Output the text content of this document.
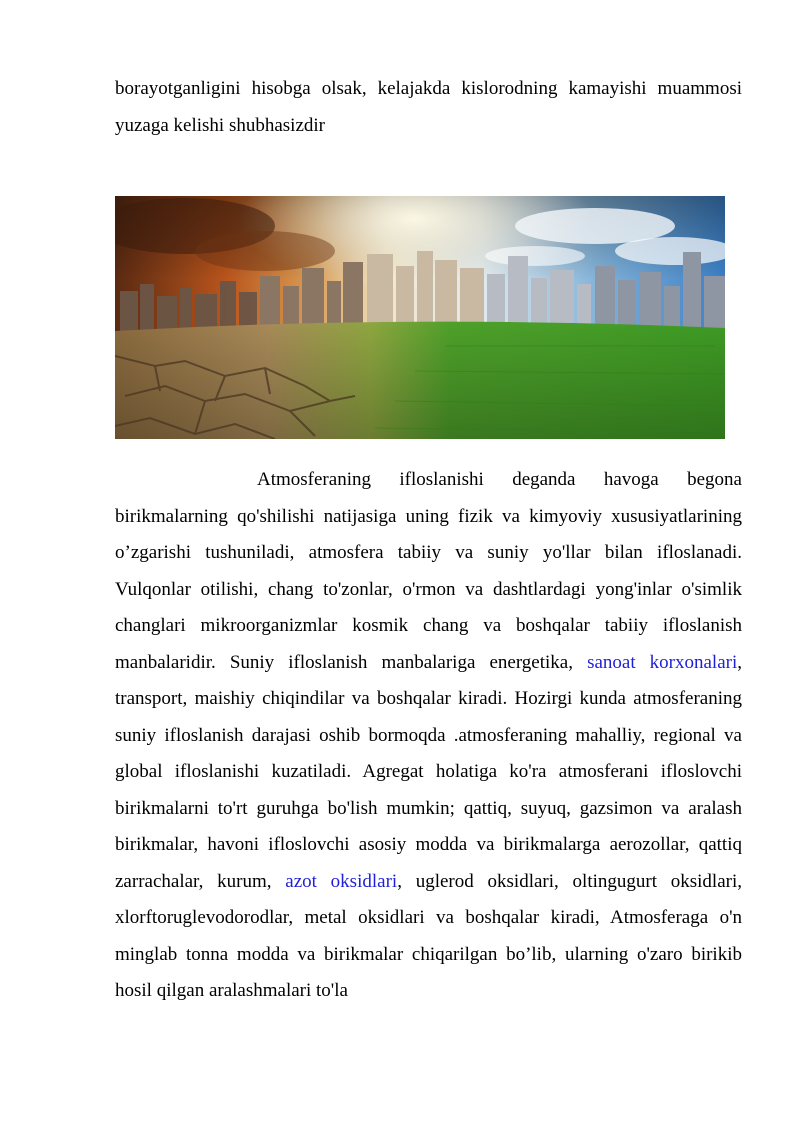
borayotganligini hisobga olsak, kelajakda kislorodning kamayishi muammosi yuzaga kelishi shubhasizdir

Atmosferaning ifloslanishi deganda havoga begona birikmalarning qo'shilishi natijasiga uning fizik va kimyoviy xususiyatlarining o’zgarishi tushuniladi, atmosfera tabiiy va suniy yo'llar bilan ifloslanadi. Vulqonlar otilishi, chang to'zonlar, o'rmon va dashtlardagi yong'inlar o'simlik changlari mikroorganizmlar kosmik chang va boshqalar tabiiy ifloslanish manbalaridir. Suniy ifloslanish manbalariga energetika, sanoat korxonalari, transport, maishiy chiqindilar va boshqalar kiradi. Hozirgi kunda atmosferaning suniy ifloslanish darajasi oshib bormoqda .atmosferaning mahalliy, regional va global ifloslanishi kuzatiladi. Agregat holatiga ko'ra atmosferani ifloslovchi birikmalarni to'rt guruhga bo'lish mumkin; qattiq, suyuq, gazsimon va aralash birikmalar, havoni ifloslovchi asosiy modda va birikmalarga aerozollar, qattiq zarrachalar, kurum, azot oksidlari, uglerod oksidlari, oltingugurt oksidlari, xlorftoruglevodorodlar, metal oksidlari va boshqalar kiradi, Atmosferaga o'n minglab tonna modda va birikmalar chiqarilgan bo’lib, ularning o'zaro birikib hosil qilgan aralashmalari to'la
